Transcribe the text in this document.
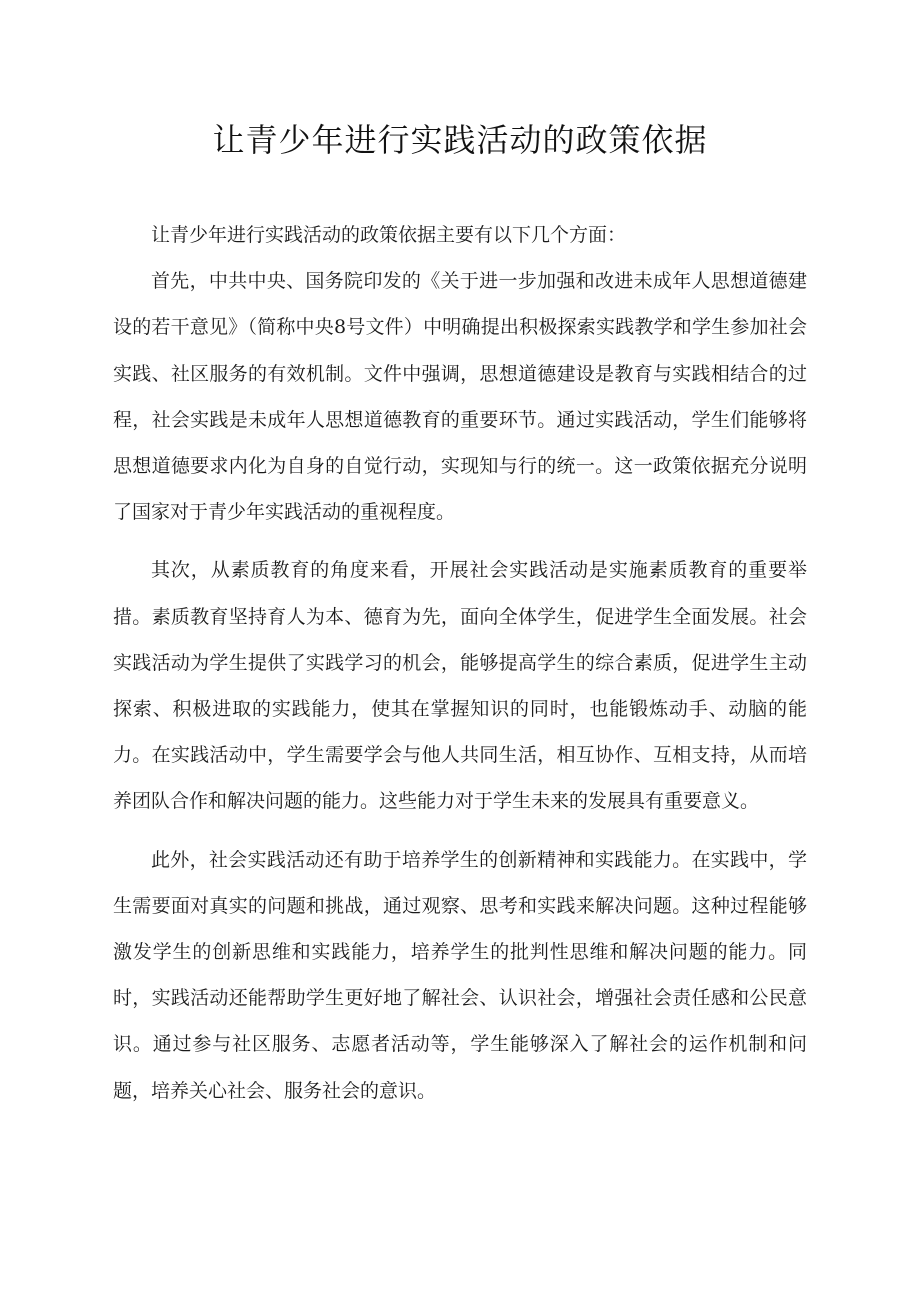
让青少年进行实践活动的政策依据

让青少年进行实践活动的政策依据主要有以下几个方面：

首先，中共中央、国务院印发的《关于进一步加强和改进未成年人思想道德建设的若干意见》（简称中央8号文件）中明确提出积极探索实践教学和学生参加社会实践、社区服务的有效机制。文件中强调，思想道德建设是教育与实践相结合的过程，社会实践是未成年人思想道德教育的重要环节。通过实践活动，学生们能够将思想道德要求内化为自身的自觉行动，实现知与行的统一。这一政策依据充分说明了国家对于青少年实践活动的重视程度。

其次，从素质教育的角度来看，开展社会实践活动是实施素质教育的重要举措。素质教育坚持育人为本、德育为先，面向全体学生，促进学生全面发展。社会实践活动为学生提供了实践学习的机会，能够提高学生的综合素质，促进学生主动探索、积极进取的实践能力，使其在掌握知识的同时，也能锻炼动手、动脑的能力。在实践活动中，学生需要学会与他人共同生活，相互协作、互相支持，从而培养团队合作和解决问题的能力。这些能力对于学生未来的发展具有重要意义。

此外，社会实践活动还有助于培养学生的创新精神和实践能力。在实践中，学生需要面对真实的问题和挑战，通过观察、思考和实践来解决问题。这种过程能够激发学生的创新思维和实践能力，培养学生的批判性思维和解决问题的能力。同时，实践活动还能帮助学生更好地了解社会、认识社会，增强社会责任感和公民意识。通过参与社区服务、志愿者活动等，学生能够深入了解社会的运作机制和问题，培养关心社会、服务社会的意识。
